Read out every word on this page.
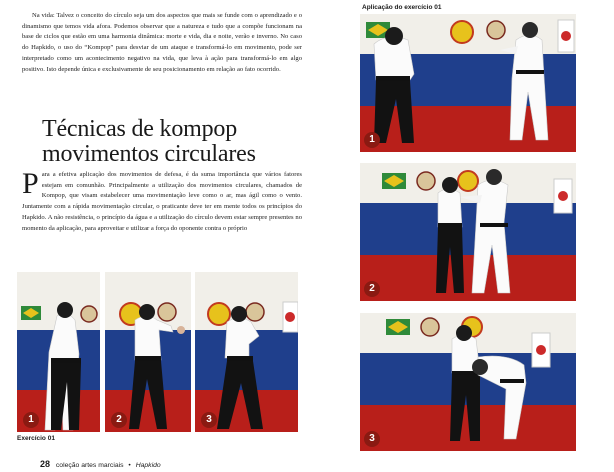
Na vida: Talvez o conceito do círculo seja um dos aspectos que mais se funde com o aprendizado e o dinamismo que temos vida afora. Podemos observar que a natureza e tudo que a compõe funcionam na base de ciclos que estão em uma harmonia dinâmica: morte e vida, dia e noite, verão e inverno. No caso do Hapkido, o uso do “Kompop” para desviar de um ataque e transformá-lo em movimento, pode ser interpretado como um acontecimento negativo na vida, que leva à ação para transformá-lo em algo positivo. Isto depende única e exclusivamente de seu posicionamento em relação ao fato ocorrido.

Técnicas de kompop
movimentos circulares

Para a efetiva aplicação dos movimentos de defesa, é da suma importância que vários fatores estejam em comunhão. Principalmente a utilização dos movimentos circulares, chamados de Kompop, que visam estabelecer uma movimentação leve como o ar, mas ágil como o vento. Juntamente com a rápida movimentação circular, o praticante deve ter em mente todos os princípios do Hapkido. A não resistência, o princípio da água e a utilização do círculo devem estar sempre presentes no momento da aplicação, para aproveitar e utilizar a força do oponente contra o próprio

1	2	3
Exercício 01
28 coleção artes marciais • Hapkido
Aplicação do exercício 01
1
2
3
